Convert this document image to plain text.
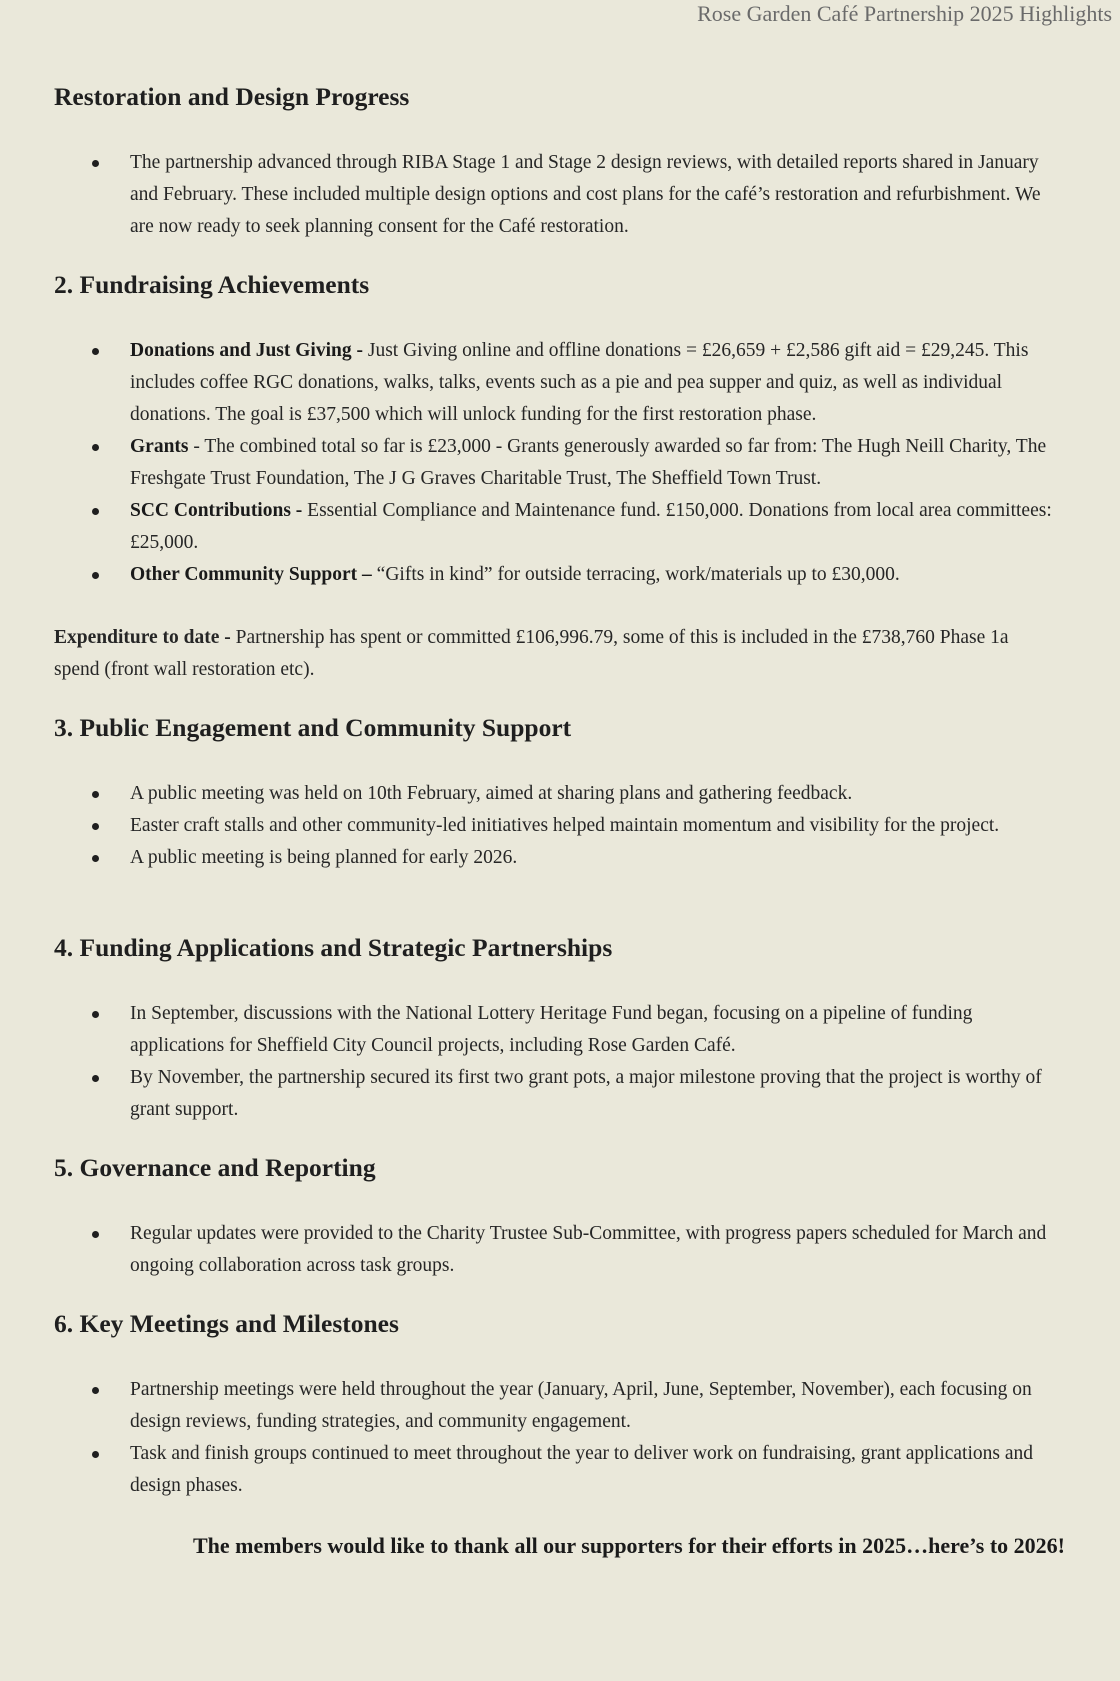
Rose Garden Café Partnership 2025 Highlights
Restoration and Design Progress
The partnership advanced through RIBA Stage 1 and Stage 2 design reviews, with detailed reports shared in January and February. These included multiple design options and cost plans for the café’s restoration and refurbishment. We are now ready to seek planning consent for the Café restoration.
2. Fundraising Achievements
Donations and Just Giving - Just Giving online and offline donations = £26,659 + £2,586 gift aid = £29,245. This includes coffee RGC donations, walks, talks, events such as a pie and pea supper and quiz, as well as individual donations. The goal is £37,500 which will unlock funding for the first restoration phase.
Grants - The combined total so far is £23,000 - Grants generously awarded so far from: The Hugh Neill Charity, The Freshgate Trust Foundation, The J G Graves Charitable Trust, The Sheffield Town Trust.
SCC Contributions - Essential Compliance and Maintenance fund. £150,000. Donations from local area committees: £25,000.
Other Community Support – “Gifts in kind” for outside terracing, work/materials up to £30,000.

Expenditure to date - Partnership has spent or committed £106,996.79, some of this is included in the £738,760 Phase 1a spend (front wall restoration etc).

3. Public Engagement and Community Support
A public meeting was held on 10th February, aimed at sharing plans and gathering feedback.
Easter craft stalls and other community-led initiatives helped maintain momentum and visibility for the project.
A public meeting is being planned for early 2026.
4. Funding Applications and Strategic Partnerships
In September, discussions with the National Lottery Heritage Fund began, focusing on a pipeline of funding applications for Sheffield City Council projects, including Rose Garden Café.
By November, the partnership secured its first two grant pots, a major milestone proving that the project is worthy of grant support.
5. Governance and Reporting
Regular updates were provided to the Charity Trustee Sub-Committee, with progress papers scheduled for March and ongoing collaboration across task groups.
6. Key Meetings and Milestones
Partnership meetings were held throughout the year (January, April, June, September, November), each focusing on design reviews, funding strategies, and community engagement.
Task and finish groups continued to meet throughout the year to deliver work on fundraising, grant applications and design phases.

The members would like to thank all our supporters for their efforts in 2025…here’s to 2026!
